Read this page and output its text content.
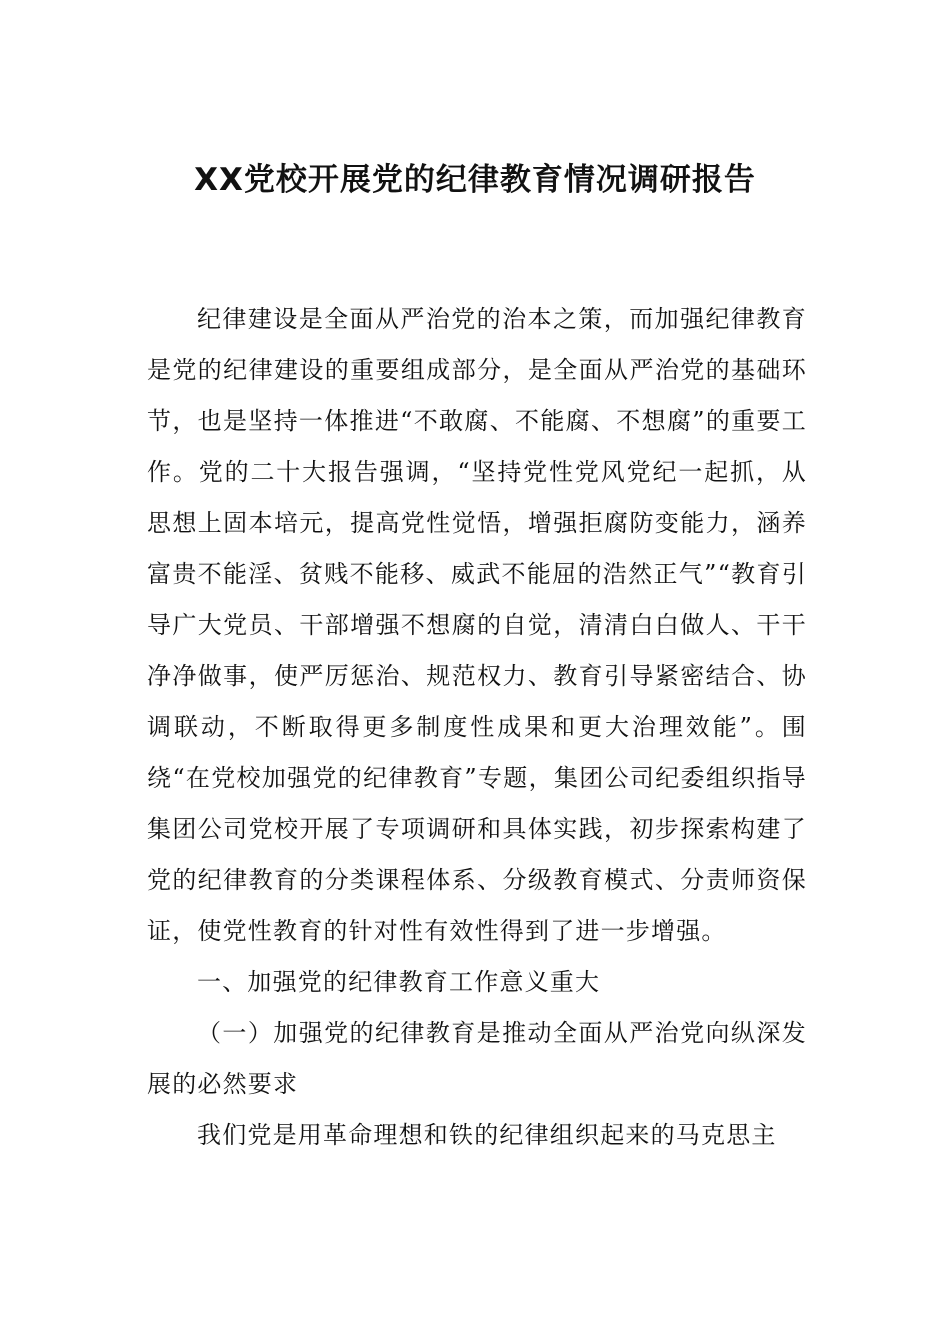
XX党校开展党的纪律教育情况调研报告

纪律建设是全面从严治党的治本之策，而加强纪律教育是党的纪律建设的重要组成部分，是全面从严治党的基础环节，也是坚持一体推进“不敢腐、不能腐、不想腐”的重要工作。党的二十大报告强调，“坚持党性党风党纪一起抓，从思想上固本培元，提高党性觉悟，增强拒腐防变能力，涵养富贵不能淫、贫贱不能移、威武不能屈的浩然正气”“教育引导广大党员、干部增强不想腐的自觉，清清白白做人、干干净净做事，使严厉惩治、规范权力、教育引导紧密结合、协调联动，不断取得更多制度性成果和更大治理效能”。围绕“在党校加强党的纪律教育”专题，集团公司纪委组织指导集团公司党校开展了专项调研和具体实践，初步探索构建了党的纪律教育的分类课程体系、分级教育模式、分责师资保证，使党性教育的针对性有效性得到了进一步增强。

一、加强党的纪律教育工作意义重大

（一）加强党的纪律教育是推动全面从严治党向纵深发展的必然要求

我们党是用革命理想和铁的纪律组织起来的马克思主
